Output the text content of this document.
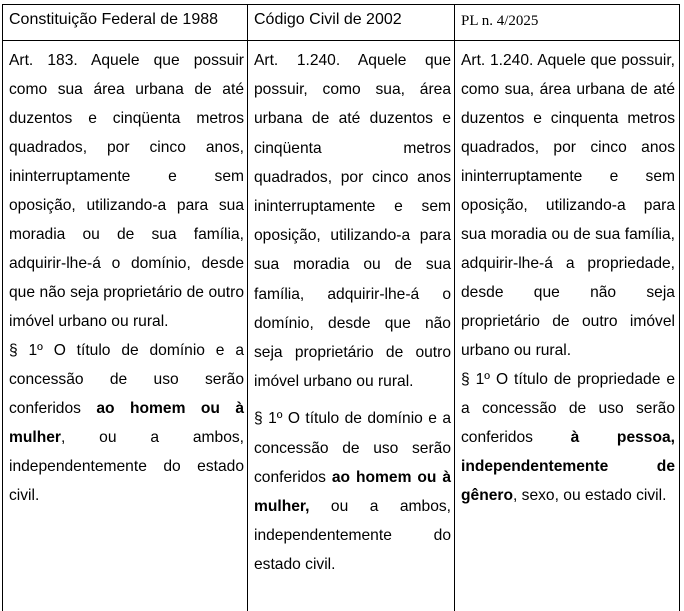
Constituição Federal de 1988 Código Civil de 2002	PL n. 4/2025

Art. 183. Aquele que possuir como sua área urbana de até duzentos e cinqüenta metros quadrados, por cinco anos, ininterruptamente e sem oposição, utilizando-a para sua moradia ou de sua família, adquirir-lhe-á o domínio, desde que não seja proprietário de outro imóvel urbano ou rural.

§ 1º O título de domínio e a concessão de uso serão conferidos ao homem ou à mulher, ou a ambos, independentemente do estado civil.

Art. 1.240. Aquele que possuir, como sua, área urbana de até duzentos e cinqüenta metros quadrados, por cinco anos ininterruptamente e sem oposição, utilizando-a para sua moradia ou de sua família, adquirir-lhe-á o domínio, desde que não seja proprietário de outro imóvel urbano ou rural.

§ 1º O título de domínio e a concessão de uso serão conferidos ao homem ou à mulher, ou a ambos, independentemente do estado civil.

Art. 1.240. Aquele que possuir, como sua, área urbana de até duzentos e cinquenta metros quadrados, por cinco anos ininterruptamente e sem oposição, utilizando-a para sua moradia ou de sua família, adquirir-lhe-á a propriedade, desde que não seja proprietário de outro imóvel urbano ou rural.

§ 1º O título de propriedade e a concessão de uso serão conferidos à pessoa, independentemente de gênero, sexo, ou estado civil.
